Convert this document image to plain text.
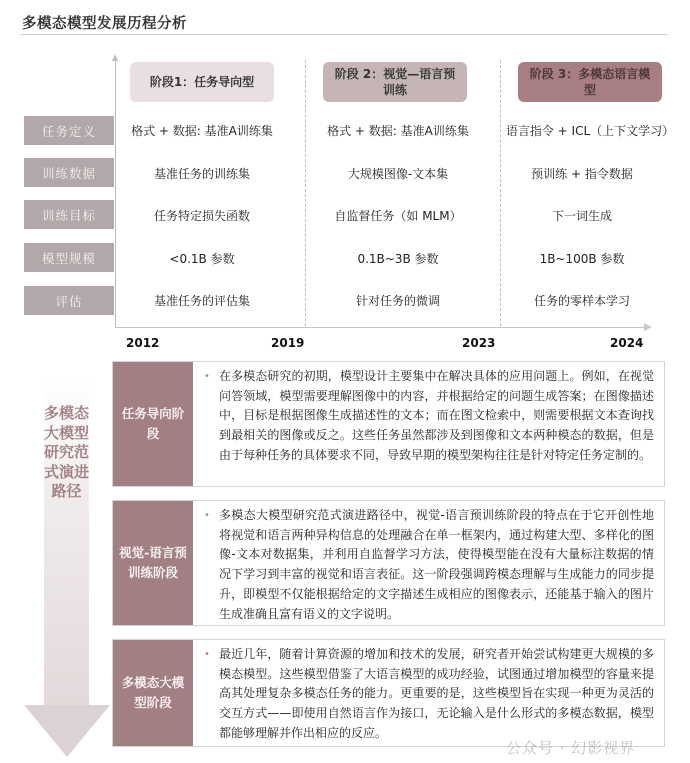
多模态模型发展历程分析
阶段1：任务导向型
阶段 2：视觉—语言预训练
阶段 3：多模态语言模型
任务定义	格式 + 数据: 基准A训练集	格式 + 数据: 基准A训练集	语言指令 + ICL（上下文学习）
训练数据	基准任务的训练集	大规模图像-文本集	预训练 + 指令数据
训练目标	任务特定损失函数	自监督任务（如 MLM）	下一词生成
模型规模	<0.1B 参数	0.1B~3B 参数	1B~100B 参数
评估	基准任务的评估集	针对任务的微调	任务的零样本学习
2012	2019	2023	2024
多模态大模型研究范式演进路径
任务导向阶段
• 在多模态研究的初期，模型设计主要集中在解决具体的应用问题上。例如，在视觉问答领域，模型需要理解图像中的内容，并根据给定的问题生成答案；在图像描述中，目标是根据图像生成描述性的文本；而在图文检索中，则需要根据文本查询找到最相关的图像或反之。这些任务虽然都涉及到图像和文本两种模态的数据，但是由于每种任务的具体要求不同，导致早期的模型架构往往是针对特定任务定制的。
视觉-语言预训练阶段
• 多模态大模型研究范式演进路径中，视觉-语言预训练阶段的特点在于它开创性地将视觉和语言两种异构信息的处理融合在单一框架内，通过构建大型、多样化的图像-文本对数据集，并利用自监督学习方法，使得模型能在没有大量标注数据的情况下学习到丰富的视觉和语言表征。这一阶段强调跨模态理解与生成能力的同步提升，即模型不仅能根据给定的文字描述生成相应的图像表示，还能基于输入的图片生成准确且富有语义的文字说明。
多模态大模型阶段
• 最近几年，随着计算资源的增加和技术的发展，研究者开始尝试构建更大规模的多模态模型。这些模型借鉴了大语言模型的成功经验，试图通过增加模型的容量来提高其处理复杂多模态任务的能力。更重要的是，这些模型旨在实现一种更为灵活的交互方式——即使用自然语言作为接口，无论输入是什么形式的多模态数据，模型都能够理解并作出相应的反应。
公众号 · 幻影视界
